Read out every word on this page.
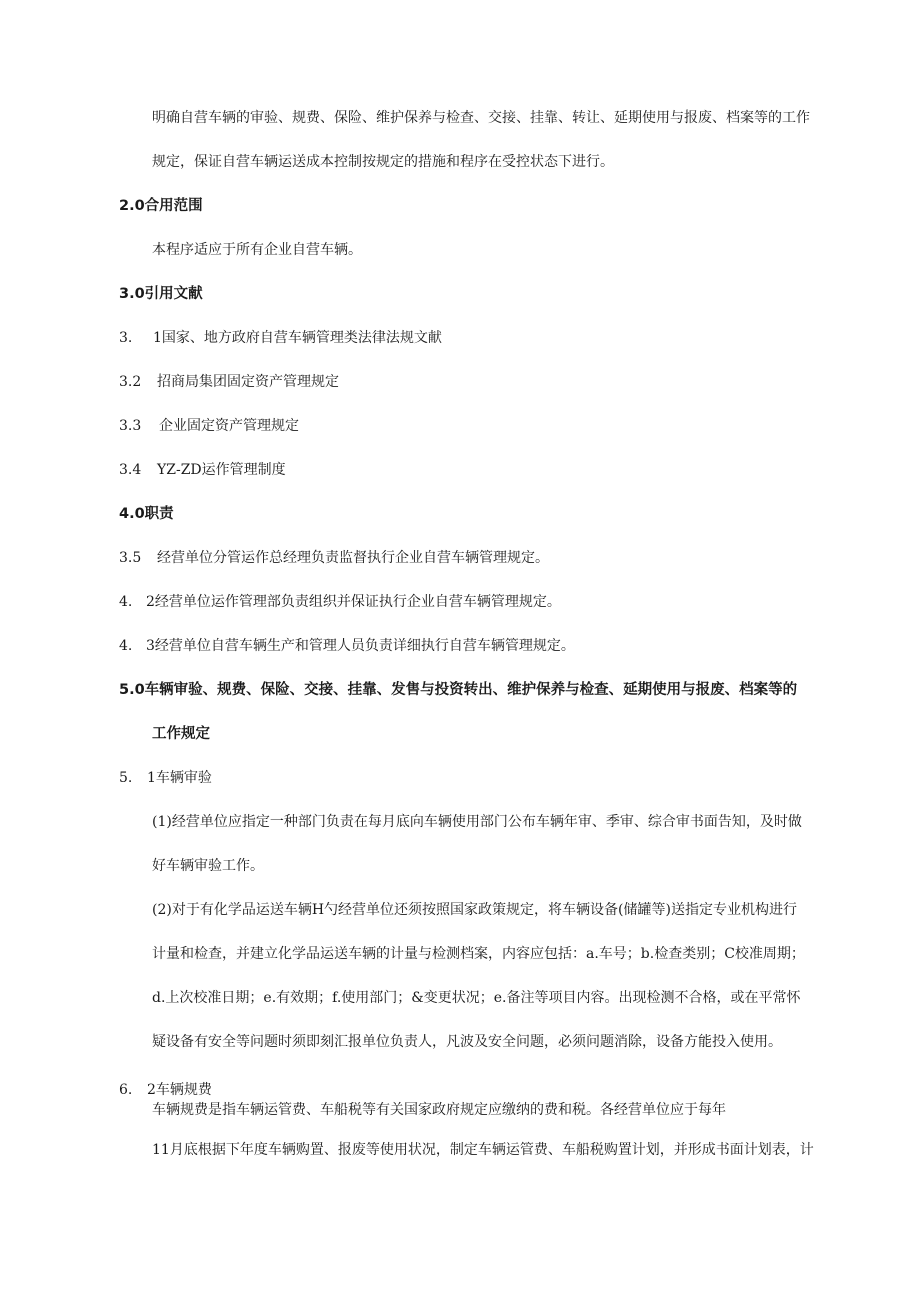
明确自营车辆的审验、规费、保险、维护保养与检查、交接、挂靠、转让、延期使用与报废、档案等的工作
规定，保证自营车辆运送成本控制按规定的措施和程序在受控状态下进行。
2.0合用范围
本程序适应于所有企业自营车辆。
3.0引用文献
3. 1国家、地方政府自营车辆管理类法律法规文献
3.2 招商局集团固定资产管理规定
3.3 企业固定资产管理规定
3.4 YZ-ZD运作管理制度
4.0职责
3.5 经营单位分管运作总经理负责监督执行企业自营车辆管理规定。
4. 2经营单位运作管理部负责组织并保证执行企业自营车辆管理规定。
4. 3经营单位自营车辆生产和管理人员负责详细执行自营车辆管理规定。
5.0车辆审验、规费、保险、交接、挂靠、发售与投资转出、维护保养与检查、延期使用与报废、档案等的
工作规定
5. 1车辆审验
(1)经营单位应指定一种部门负责在每月底向车辆使用部门公布车辆年审、季审、综合审书面告知，及时做
好车辆审验工作。
(2)对于有化学品运送车辆H勺经营单位还须按照国家政策规定，将车辆设备(储罐等)送指定专业机构进行
计量和检查，并建立化学品运送车辆的计量与检测档案，内容应包括：a.车号；b.检查类别；C校准周期；
d.上次校准日期；e.有效期；f.使用部门；&变更状况；e.备注等项目内容。出现检测不合格，或在平常怀
疑设备有安全等问题时须即刻汇报单位负责人，凡波及安全问题，必须问题消除，设备方能投入使用。
6. 2车辆规费
车辆规费是指车辆运管费、车船税等有关国家政府规定应缴纳的费和税。各经营单位应于每年
11月底根据下年度车辆购置、报废等使用状况，制定车辆运管费、车船税购置计划，并形成书面计划表，计
